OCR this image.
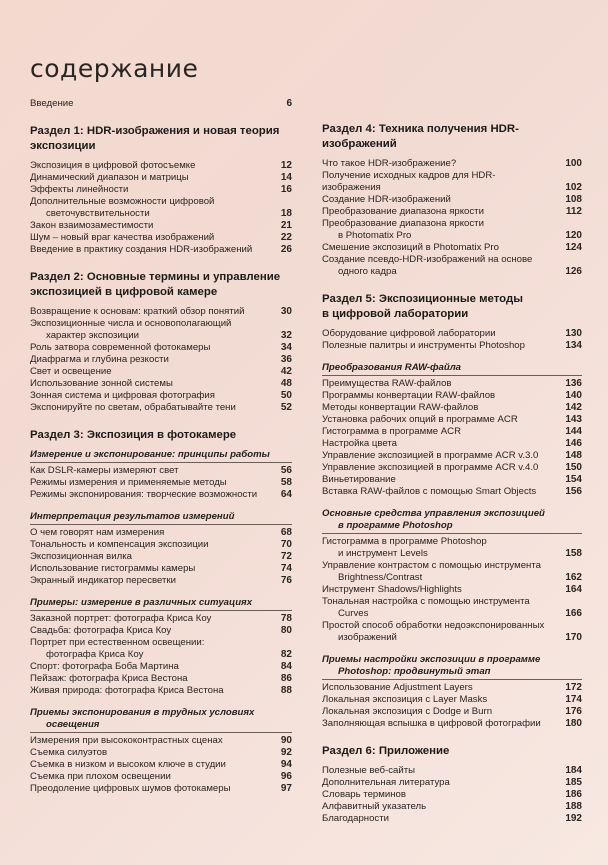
содержание
Введение	6
Раздел 1: HDR-изображения и новая теория
экспозиции
Экспозиция в цифровой фотосъемке	12
Динамический диапазон и матрицы	14
Эффекты линейности	16
Дополнительные возможности цифровой
светочувствительности	18
Закон взаимозаместимости	21
Шум – новый враг качества изображений	22
Введение в практику создания HDR-изображений	26
Раздел 2: Основные термины и управление
экспозицией в цифровой камере
Возвращение к основам: краткий обзор понятий	30
Экспозиционные числа и основополагающий
характер экспозиции	32
Роль затвора современной фотокамеры	34
Диафрагма и глубина резкости	36
Свет и освещение	42
Использование зонной системы	48
Зонная система и цифровая фотография	50
Экспонируйте по светам, обрабатывайте тени	52
Раздел 3: Экспозиция в фотокамере
Измерение и экспонирование: принципы работы
Как DSLR-камеры измеряют свет	56
Режимы измерения и применяемые методы	58
Режимы экспонирования: творческие возможности	64
Интерпретация результатов измерений
О чем говорят нам измерения	68
Тональность и компенсация экспозиции	70
Экспозиционная вилка	72
Использование гистограммы камеры	74
Экранный индикатор пересветки	76
Примеры: измерение в различных ситуациях
Заказной портрет: фотографа Криса Коу	78
Свадьба: фотографа Криса Коу	80
Портрет при естественном освещении:
фотографа Криса Коу	82
Спорт: фотографа Боба Мартина	84
Пейзаж: фотографа Криса Вестона	86
Живая природа: фотографа Криса Вестона	88
Приемы экспонирования в трудных условиях
освещения
Измерения при высококонтрастных сценах	90
Съемка силуэтов	92
Съемка в низком и высоком ключе в студии	94
Съемка при плохом освещении	96
Преодоление цифровых шумов фотокамеры	97
Раздел 4: Техника получения HDR-изображений
Что такое HDR-изображение?	100
Получение исходных кадров для HDR-изображения	102
Создание HDR-изображений	108
Преобразование диапазона яркости	112
Преобразование диапазона яркости
в Photomatix Pro	120
Смешение экспозиций в Photomatix Pro	124
Создание псевдо-HDR-изображений на основе
одного кадра	126
Раздел 5: Экспозиционные методы
в цифровой лаборатории
Оборудование цифровой лаборатории	130
Полезные палитры и инструменты Photoshop	134
Преобразования RAW-файла
Преимущества RAW-файлов	136
Программы конвертации RAW-файлов	140
Методы конвертации RAW-файлов	142
Установка рабочих опций в программе ACR	143
Гистограмма в программе ACR	144
Настройка цвета	146
Управление экспозицией в программе ACR v.3.0	148
Управление экспозицией в программе ACR v.4.0	150
Виньетирование	154
Вставка RAW-файлов с помощью Smart Objects	156
Основные средства управления экспозицией
в программе Photoshop
Гистограмма в программе Photoshop
и инструмент Levels	158
Управление контрастом с помощью инструмента
Brightness/Contrast	162
Инструмент Shadows/Highlights	164
Тональная настройка с помощью инструмента
Curves	166
Простой способ обработки недоэкспонированных
изображений	170
Приемы настройки экспозиции в программе
Photoshop: продвинутый этап
Использование Adjustment Layers	172
Локальная экспозиция с Layer Masks	174
Локальная экспозиция с Dodge и Burn	176
Заполняющая вспышка в цифровой фотографии	180
Раздел 6: Приложение
Полезные веб-сайты	184
Дополнительная литература	185
Словарь терминов	186
Алфавитный указатель	188
Благодарности	192
